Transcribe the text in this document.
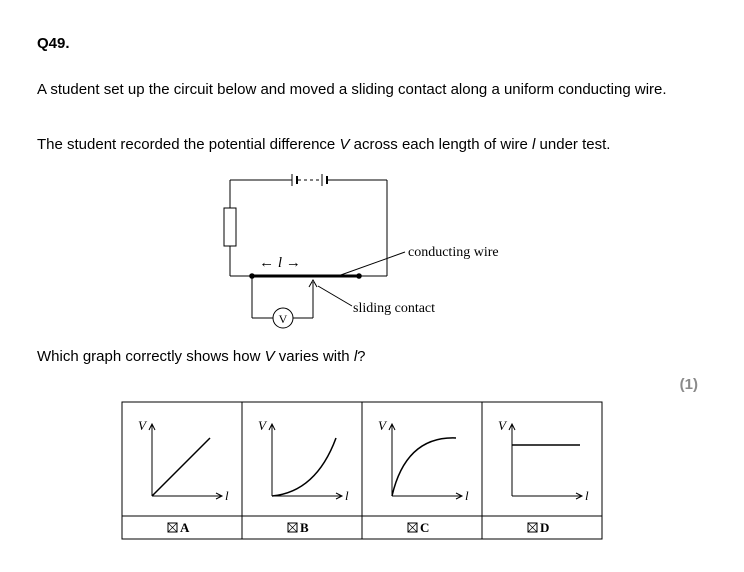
Q49.

A student set up the circuit below and moved a sliding contact along a uniform conducting wire.

The student recorded the potential difference V across each length of wire l under test.

← l →
V
conducting wire
sliding contact

Which graph correctly shows how V varies with l?

(1)
V
l
A
V
l
B
V
l
C
V
l
D
